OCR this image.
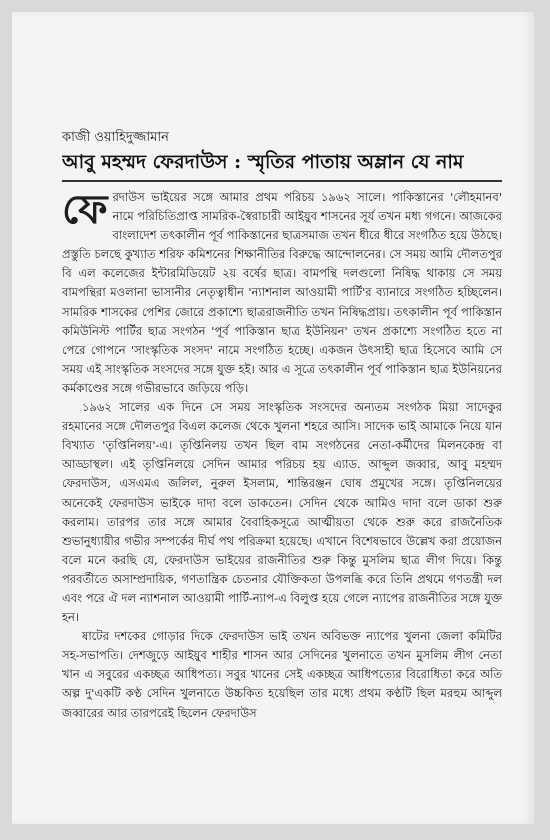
কাজী ওয়াহিদুজ্জামান
আবু মহম্মদ ফেরদাউস : স্মৃতির পাতায় অম্লান যে নাম

ফেরদাউস ভাইয়ের সঙ্গে আমার প্রথম পরিচয় ১৯৬২ সালে। পাকিস্তানের 'লৌহমানব' নামে পরিচিতিপ্রাপ্ত সামরিক-স্বৈরাচারী আইয়ুব শাসনের সূর্য তখন মধ্য গগনে। আজকের বাংলাদেশ তৎকালীন পূর্ব পাকিস্তানের ছাত্রসমাজ তখন ধীরে ধীরে সংগঠিত হয়ে উঠছে। প্রস্তুতি চলছে কুখ্যাত শরিফ কমিশনের শিক্ষানীতির বিরুদ্ধে আন্দোলনের। সে সময় আমি দৌলতপুর বি এল কলেজের ইন্টারমিডিয়েট ২য় বর্ষের ছাত্র। বামপন্থি দলগুলো নিষিদ্ধ থাকায় সে সময় বামপন্থিরা মওলানা ভাসানীর নেতৃত্বাধীন 'ন্যাশনাল আওয়ামী পার্টি'র ব্যানারে সংগঠিত হচ্ছিলেন। সামরিক শাসকের পেশির জোরে প্রকাশ্যে ছাত্ররাজনীতি তখন নিষিদ্ধপ্রায়। তৎকালীন পূর্ব পাকিস্তান কমিউনিস্ট পার্টির ছাত্র সংগঠন 'পূর্ব পাকিস্তান ছাত্র ইউনিয়ন' তখন প্রকাশ্যে সংগঠিত হতে না পেরে গোপনে 'সাংস্কৃতিক সংসদ' নামে সংগঠিত হচ্ছে। একজন উৎসাহী ছাত্র হিসেবে আমি সে সময় এই সাংস্কৃতিক সংসদের সঙ্গে যুক্ত হই। আর এ সূত্রে তৎকালীন পূর্ব পাকিস্তান ছাত্র ইউনিয়নের কর্মকাণ্ডের সঙ্গে গভীরভাবে জড়িয়ে পড়ি।

১৯৬২ সালের এক দিনে সে সময় সাংস্কৃতিক সংসদের অন্যতম সংগঠক মিয়া সাদেকুর রহমানের সঙ্গে দৌলতপুর বিএল কলেজ থেকে খুলনা শহরে আসি। সাদেক ভাই আমাকে নিয়ে যান বিখ্যাত 'তৃপ্তিনিলয়'-এ। তৃপ্তিনিলয় তখন ছিল বাম সংগঠনের নেতা-কর্মীদের মিলনকেন্দ্র বা আড্ডাস্থল। এই তৃপ্তিনিলয়ে সেদিন আমার পরিচয় হয় এ্যাড. আব্দুল জব্বার, আবু মহম্মদ ফেরদাউস, এসএমএ জলিল, নুরুল ইসলাম, শান্তিরঞ্জন ঘোষ প্রমুখের সঙ্গে। তৃপ্তিনিলয়ের অনেকেই ফেরদাউস ভাইকে দাদা বলে ডাকতেন। সেদিন থেকে আমিও দাদা বলে ডাকা শুরু করলাম। তারপর তার সঙ্গে আমার বৈবাহিকসূত্রে আত্মীয়তা থেকে শুরু করে রাজনৈতিক শুভানুধ্যায়ীর গভীর সম্পর্কের দীর্ঘ পথ পরিক্রমা হয়েছে। এখানে বিশেষভাবে উল্লেখ করা প্রয়োজন বলে মনে করছি যে, ফেরদাউস ভাইয়ের রাজনীতির শুরু কিন্তু মুসলিম ছাত্র লীগ দিয়ে। কিন্তু পরবর্তীতে অসাম্প্রদায়িক, গণতান্ত্রিক চেতনার যৌক্তিকতা উপলব্ধি করে তিনি প্রথমে গণতন্ত্রী দল এবং পরে ঐ দল ন্যাশনাল আওয়ামী পার্টি-ন্যাপ-এ বিলুপ্ত হয়ে গেলে ন্যাপের রাজনীতির সঙ্গে যুক্ত হন।

ষাটের দশকের গোড়ার দিকে ফেরদাউস ভাই তখন অবিভক্ত ন্যাপের খুলনা জেলা কমিটির সহ-সভাপতি। দেশজুড়ে আইয়ুব শাহীর শাসন আর সেদিনের খুলনাতে তখন মুসলিম লীগ নেতা খান এ সবুরের একচ্ছত্র আধিপত্য। সবুর খানের সেই একচ্ছত্র আধিপত্যের বিরোধিতা করে অতি অল্প দু'একটি কণ্ঠ সেদিন খুলনাতে উচ্চকিত হয়েছিল তার মধ্যে প্রথম কণ্ঠটি ছিল মরহুম আব্দুল জব্বারের আর তারপরেই ছিলেন ফেরদাউস
